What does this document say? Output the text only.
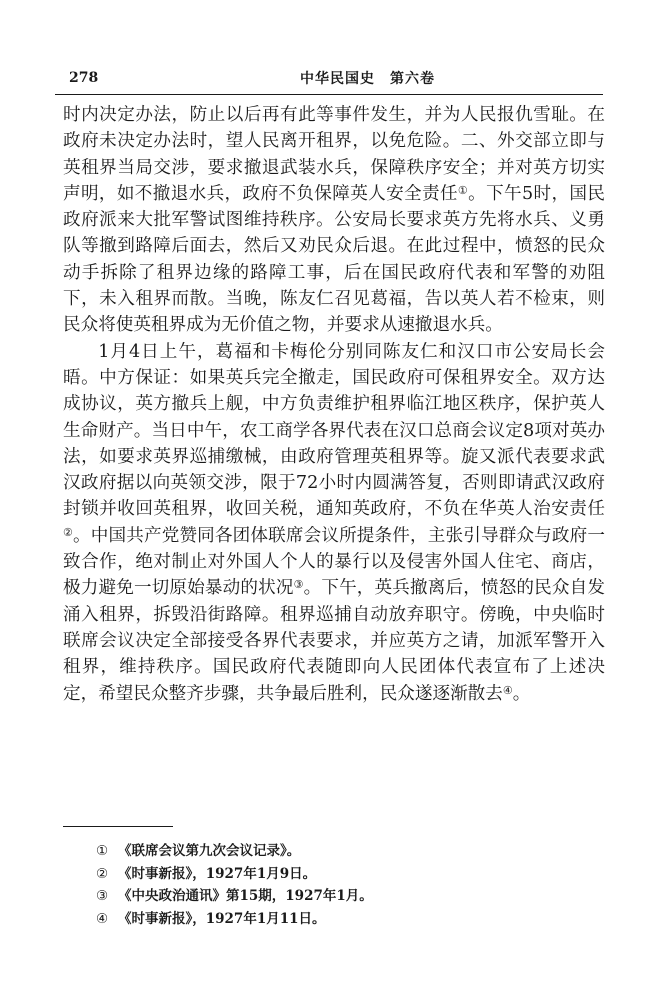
278	中华民国史　第六卷

时内决定办法，防止以后再有此等事件发生，并为人民报仇雪耻。在政府未决定办法时，望人民离开租界，以免危险。二、外交部立即与英租界当局交涉，要求撤退武装水兵，保障秩序安全；并对英方切实声明，如不撤退水兵，政府不负保障英人安全责任①。下午5时，国民政府派来大批军警试图维持秩序。公安局长要求英方先将水兵、义勇队等撤到路障后面去，然后又劝民众后退。在此过程中，愤怒的民众动手拆除了租界边缘的路障工事，后在国民政府代表和军警的劝阻下，未入租界而散。当晚，陈友仁召见葛福，告以英人若不检束，则民众将使英租界成为无价值之物，并要求从速撤退水兵。

1月4日上午，葛福和卡梅伦分别同陈友仁和汉口市公安局长会晤。中方保证：如果英兵完全撤走，国民政府可保租界安全。双方达成协议，英方撤兵上舰，中方负责维护租界临江地区秩序，保护英人生命财产。当日中午，农工商学各界代表在汉口总商会议定8项对英办法，如要求英界巡捕缴械，由政府管理英租界等。旋又派代表要求武汉政府据以向英领交涉，限于72小时内圆满答复，否则即请武汉政府封锁并收回英租界，收回关税，通知英政府，不负在华英人治安责任②。中国共产党赞同各团体联席会议所提条件，主张引导群众与政府一致合作，绝对制止对外国人个人的暴行以及侵害外国人住宅、商店，极力避免一切原始暴动的状况③。下午，英兵撤离后，愤怒的民众自发涌入租界，拆毁沿街路障。租界巡捕自动放弃职守。傍晚，中央临时联席会议决定全部接受各界代表要求，并应英方之请，加派军警开入租界，维持秩序。国民政府代表随即向人民团体代表宣布了上述决定，希望民众整齐步骤，共争最后胜利，民众遂逐渐散去④。

① 《联席会议第九次会议记录》。
② 《时事新报》，1927年1月9日。
③ 《中央政治通讯》第15期，1927年1月。
④ 《时事新报》，1927年1月11日。
